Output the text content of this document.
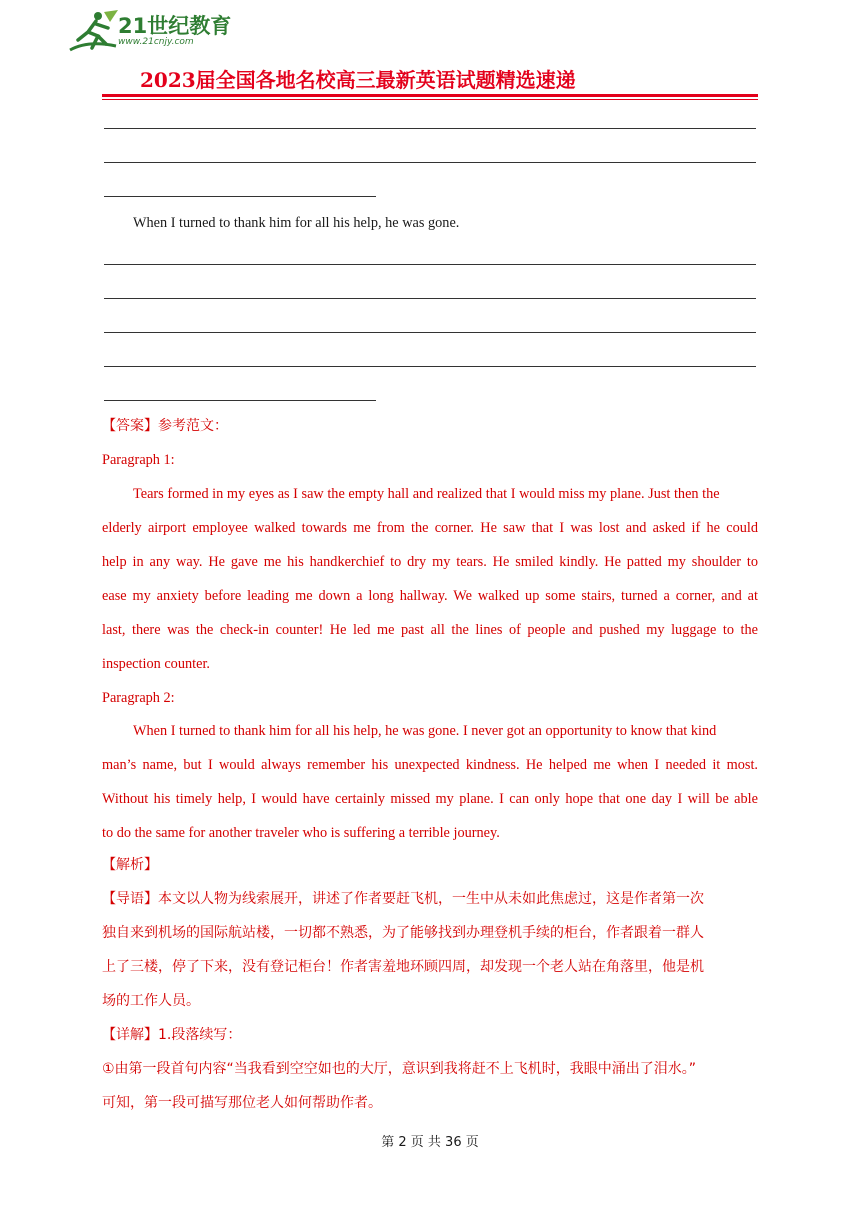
21世纪教育
www.21cnjy.com
2023届全国各地名校高三最新英语试题精选速递
When I turned to thank him for all his help, he was gone.
【答案】参考范文：
Paragraph 1:
Tears formed in my eyes as I saw the empty hall and realized that I would miss my plane. Just then the
elderly airport employee walked towards me from the corner. He saw that I was lost and asked if he could
help in any way. He gave me his handkerchief to dry my tears. He smiled kindly. He patted my shoulder to
ease my anxiety before leading me down a long hallway. We walked up some stairs, turned a corner, and at
last, there was the check-in counter! He led me past all the lines of people and pushed my luggage to the
inspection counter.
Paragraph 2:
When I turned to thank him for all his help, he was gone. I never got an opportunity to know that kind
man’s name, but I would always remember his unexpected kindness. He helped me when I needed it most.
Without his timely help, I would have certainly missed my plane. I can only hope that one day I will be able
to do the same for another traveler who is suffering a terrible journey.
【解析】
【导语】本文以人物为线索展开，讲述了作者要赶飞机，一生中从未如此焦虑过，这是作者第一次
独自来到机场的国际航站楼，一切都不熟悉，为了能够找到办理登机手续的柜台，作者跟着一群人
上了三楼，停了下来，没有登记柜台！作者害羞地环顾四周，却发现一个老人站在角落里，他是机
场的工作人员。
【详解】1.段落续写：
①由第一段首句内容“当我看到空空如也的大厅，意识到我将赶不上飞机时，我眼中涌出了泪水。”
可知，第一段可描写那位老人如何帮助作者。
第 2 页 共 36 页
